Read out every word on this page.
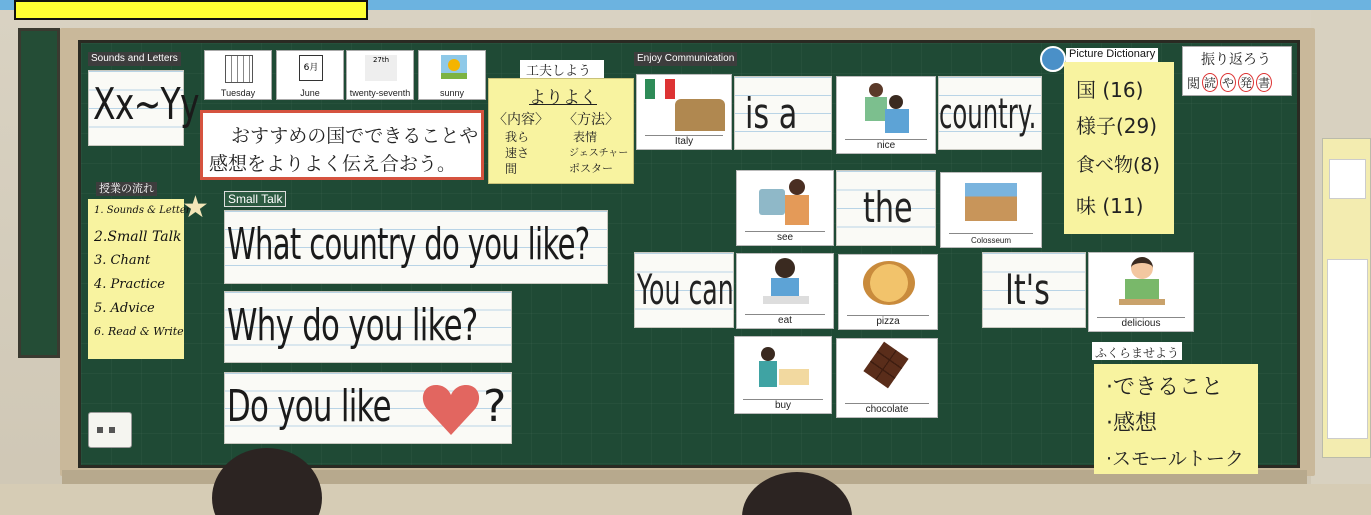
Sounds and Letters
Xx~Yy	Tuesday
6月
June
27th
twenty-seventh	sunny
おすすめの国でできることや
感想をよりよく伝え合おう。
よりよく
〈内容〉 〈方法〉
我ら
速さ
間
表情
ジェスチャー
ポスター
工夫しよう
授業の流れ
1. Sounds & Letters
2.Small Talk
3. Chant
4. Practice
5. Advice
6. Read & Write
★	Small Talk
What country do you like?
Why do you like?
Do you like ?
Enjoy Communication
Italy
is a
nice
country.
see
the
Colosseum
You can
eat	pizza
It's
delicious
buy	chocolate
Picture Dictionary
国 (16)
様子(29)
食べ物(8)
味 (11)
振り返ろう
閲 読 や 発 書
ふくらませよう
·できること
·感想
·スモールトーク
